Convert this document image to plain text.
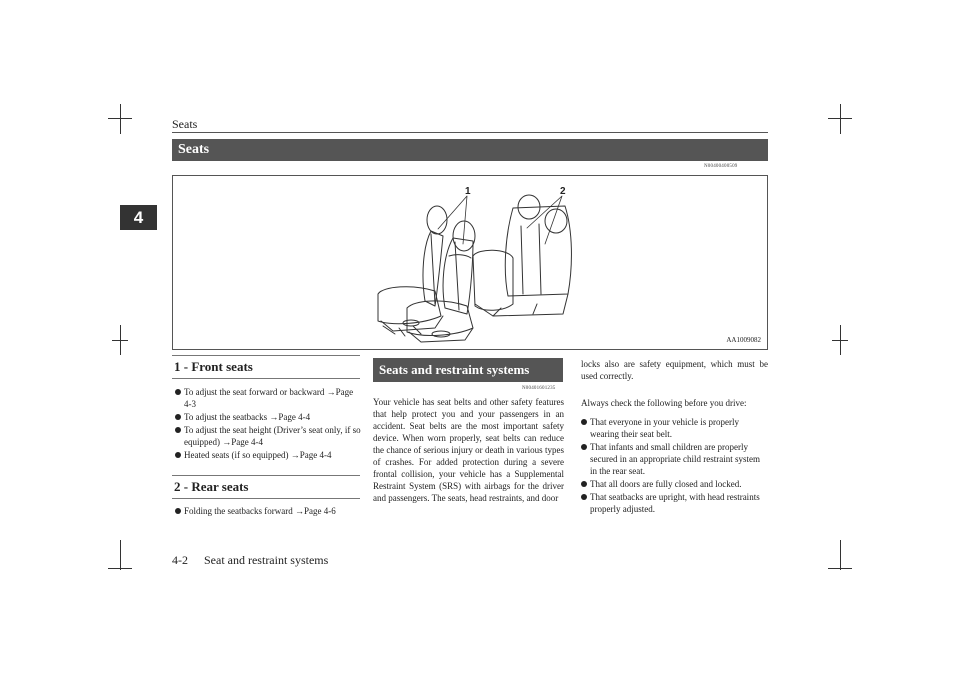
Seats
4
Seats
N00400400509
1	2
AA1009082
1 - Front seats
To adjust the seat forward or backward →Page 4-3
To adjust the seatbacks →Page 4-4
To adjust the seat height (Driver’s seat only, if so equipped) →Page 4-4
Heated seats (if so equipped) →Page 4-4
2 - Rear seats
Folding the seatbacks forward →Page 4-6
Seats and restraint systems
N00401601235
Your vehicle has seat belts and other safety features that help protect you and your passengers in an accident. Seat belts are the most important safety device. When worn properly, seat belts can reduce the chance of serious injury or death in various types of crashes. For added protection during a severe frontal collision, your vehicle has a Supplemental Restraint System (SRS) with airbags for the driver and passengers. The seats, head restraints, and door
locks also are safety equipment, which must be used correctly.
Always check the following before you drive:
That everyone in your vehicle is properly wearing their seat belt.
That infants and small children are properly secured in an appropriate child restraint system in the rear seat.
That all doors are fully closed and locked.
That seatbacks are upright, with head restraints properly adjusted.
4-2 Seat and restraint systems
